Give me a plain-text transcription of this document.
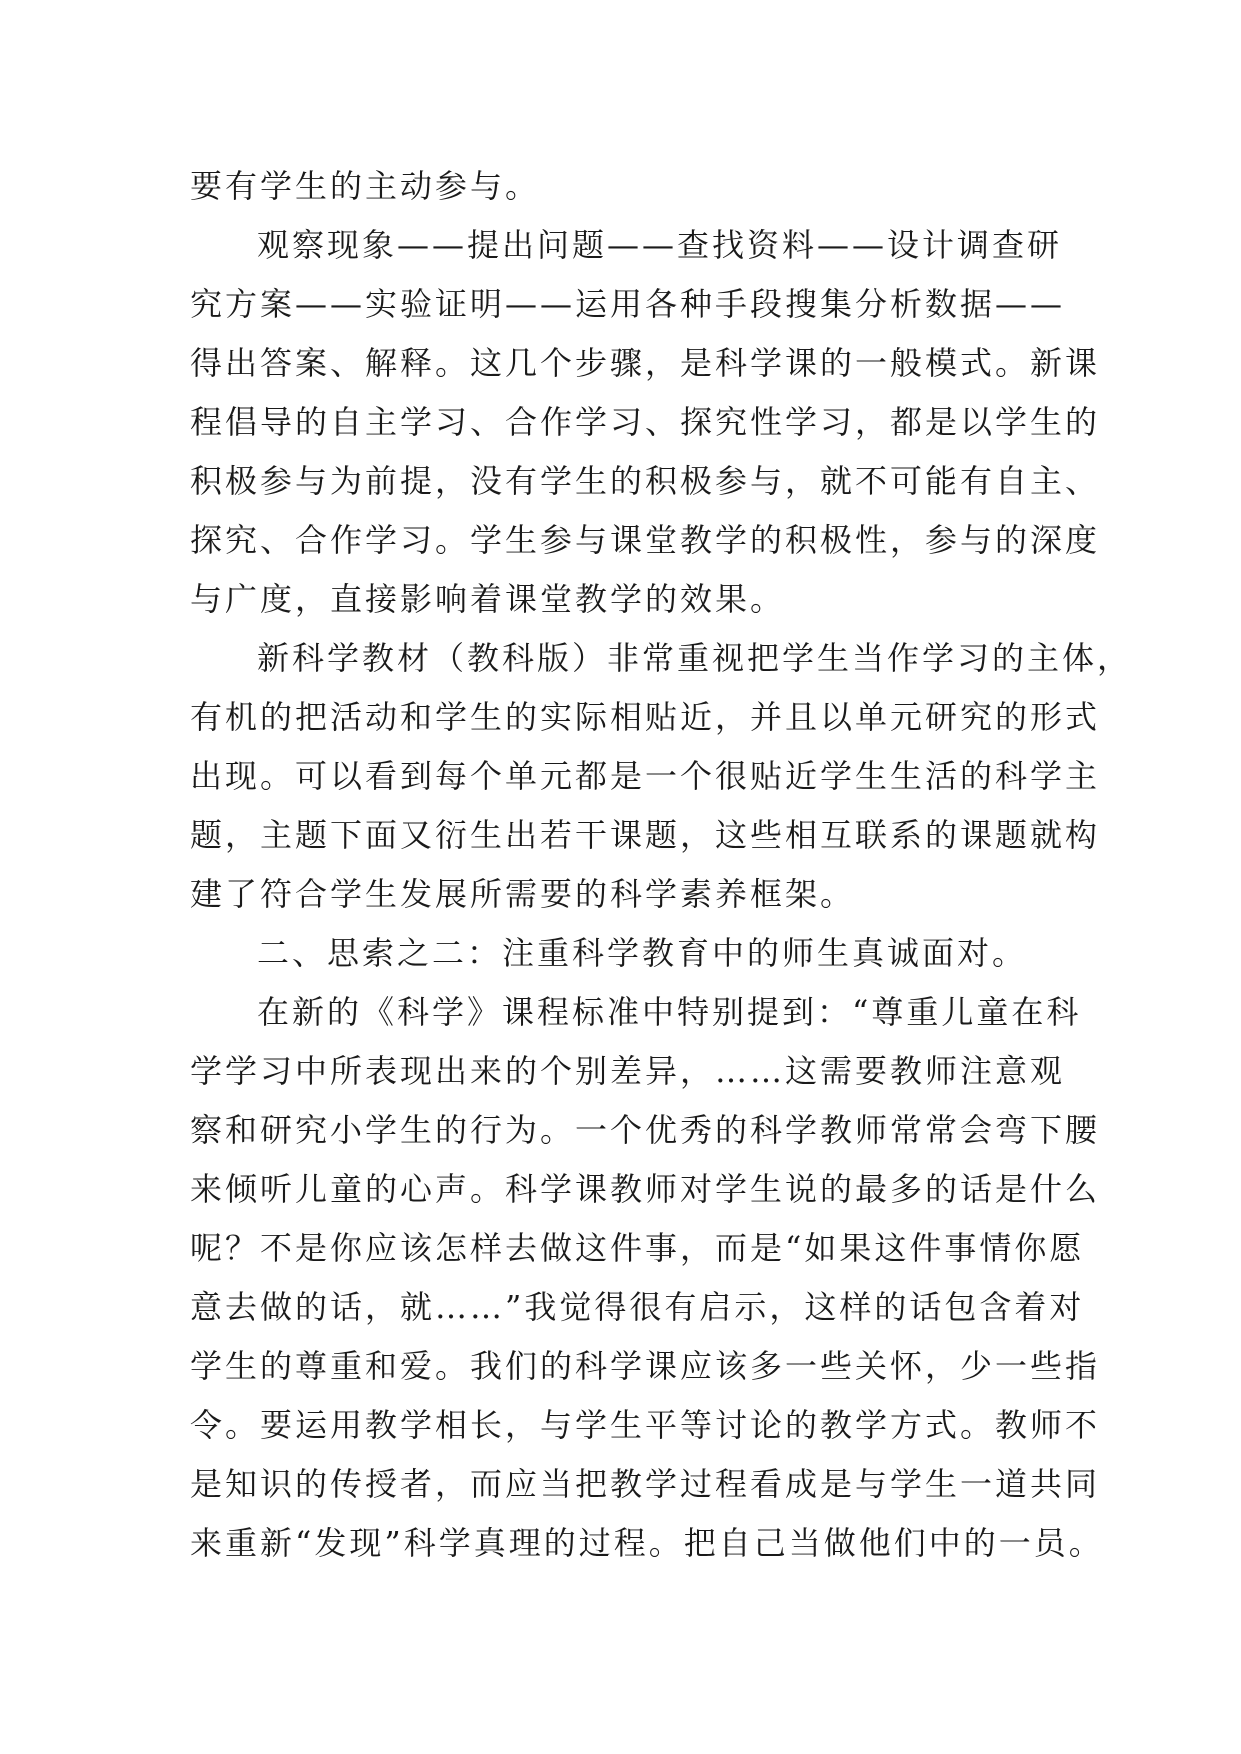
要有学生的主动参与。
观察现象——提出问题——查找资料——设计调查研
究方案——实验证明——运用各种手段搜集分析数据——
得出答案、解释。这几个步骤，是科学课的一般模式。新课
程倡导的自主学习、合作学习、探究性学习，都是以学生的
积极参与为前提，没有学生的积极参与，就不可能有自主、
探究、合作学习。学生参与课堂教学的积极性，参与的深度
与广度，直接影响着课堂教学的效果。
新科学教材（教科版）非常重视把学生当作学习的主体，
有机的把活动和学生的实际相贴近，并且以单元研究的形式
出现。可以看到每个单元都是一个很贴近学生生活的科学主
题，主题下面又衍生出若干课题，这些相互联系的课题就构
建了符合学生发展所需要的科学素养框架。
二、思索之二：注重科学教育中的师生真诚面对。
在新的《科学》课程标准中特别提到：“尊重儿童在科
学学习中所表现出来的个别差异，……这需要教师注意观
察和研究小学生的行为。一个优秀的科学教师常常会弯下腰
来倾听儿童的心声。科学课教师对学生说的最多的话是什么
呢？不是你应该怎样去做这件事，而是“如果这件事情你愿
意去做的话，就……”我觉得很有启示，这样的话包含着对
学生的尊重和爱。我们的科学课应该多一些关怀，少一些指
令。要运用教学相长，与学生平等讨论的教学方式。教师不
是知识的传授者，而应当把教学过程看成是与学生一道共同
来重新“发现”科学真理的过程。把自己当做他们中的一员。
